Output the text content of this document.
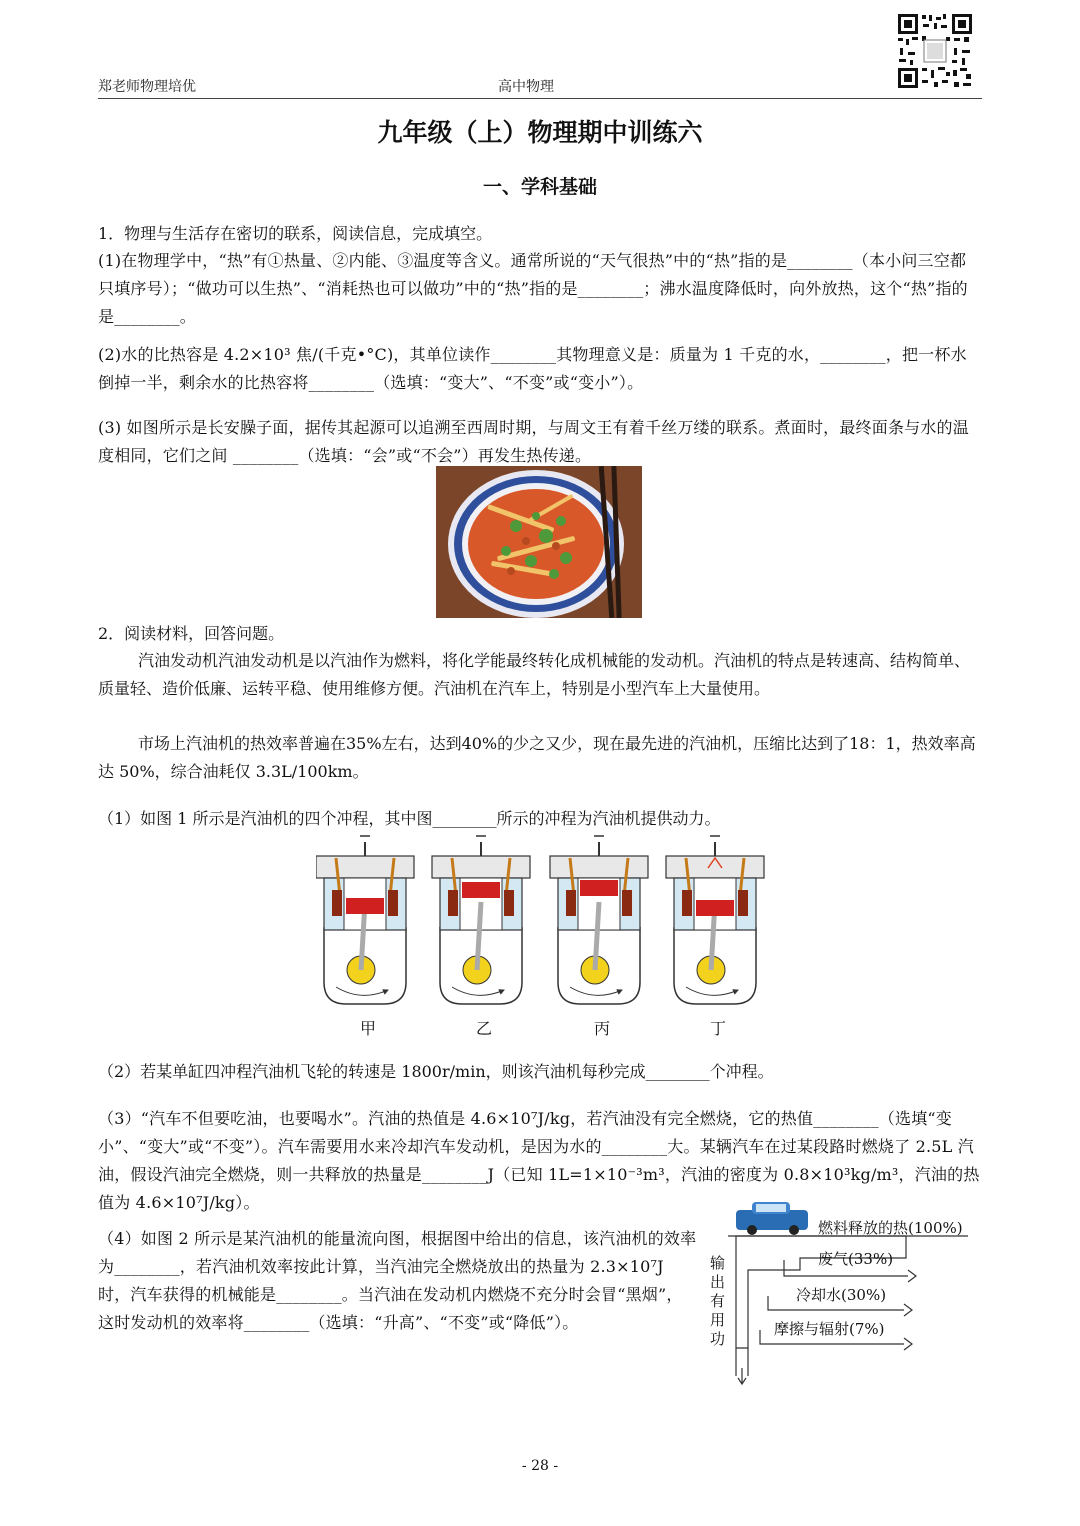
郑老师物理培优	高中物理
九年级（上）物理期中训练六
一、学科基础

1．物理与生活存在密切的联系，阅读信息，完成填空。

(1)在物理学中，“热”有①热量、②内能、③温度等含义。通常所说的“天气很热”中的“热”指的是________（本小问三空都只填序号）；“做功可以生热”、“消耗热也可以做功”中的“热”指的是________；沸水温度降低时，向外放热，这个“热”指的是________。

(2)水的比热容是 4.2×10³ 焦/(千克•°C)，其单位读作________其物理意义是：质量为 1 千克的水，________，把一杯水倒掉一半，剩余水的比热容将________（选填：“变大”、“不变”或“变小”）。

(3) 如图所示是长安臊子面，据传其起源可以追溯至西周时期，与周文王有着千丝万缕的联系。煮面时，最终面条与水的温度相同，它们之间 ________（选填：“会”或“不会”）再发生热传递。

2．阅读材料，回答问题。

汽油发动机汽油发动机是以汽油作为燃料，将化学能最终转化成机械能的发动机。汽油机的特点是转速高、结构简单、质量轻、造价低廉、运转平稳、使用维修方便。汽油机在汽车上，特别是小型汽车上大量使用。

市场上汽油机的热效率普遍在35%左右，达到40%的少之又少，现在最先进的汽油机，压缩比达到了18：1，热效率高达 50%，综合油耗仅 3.3L/100km。

（1）如图 1 所示是汽油机的四个冲程，其中图________所示的冲程为汽油机提供动力。

甲	乙	丙	丁

（2）若某单缸四冲程汽油机飞轮的转速是 1800r/min，则该汽油机每秒完成________个冲程。

（3）“汽车不但要吃油，也要喝水”。汽油的热值是 4.6×10⁷J/kg，若汽油没有完全燃烧，它的热值________（选填“变小”、“变大”或“不变”）。汽车需要用水来冷却汽车发动机，是因为水的________大。某辆汽车在过某段路时燃烧了 2.5L 汽油，假设汽油完全燃烧，则一共释放的热量是________J（已知 1L=1×10⁻³m³，汽油的密度为 0.8×10³kg/m³，汽油的热值为 4.6×10⁷J/kg）。

（4）如图 2 所示是某汽油机的能量流向图，根据图中给出的信息，该汽油机的效率为________，若汽油机效率按此计算，当汽油完全燃烧放出的热量为 2.3×10⁷J 时，汽车获得的机械能是________。当汽油在发动机内燃烧不充分时会冒“黑烟”，这时发动机的效率将________（选填：“升高”、“不变”或“降低”）。

燃料释放的热(100%)
废气(33%)
冷却水(30%)
摩擦与辐射(7%)
输出有用功
- 28 -
